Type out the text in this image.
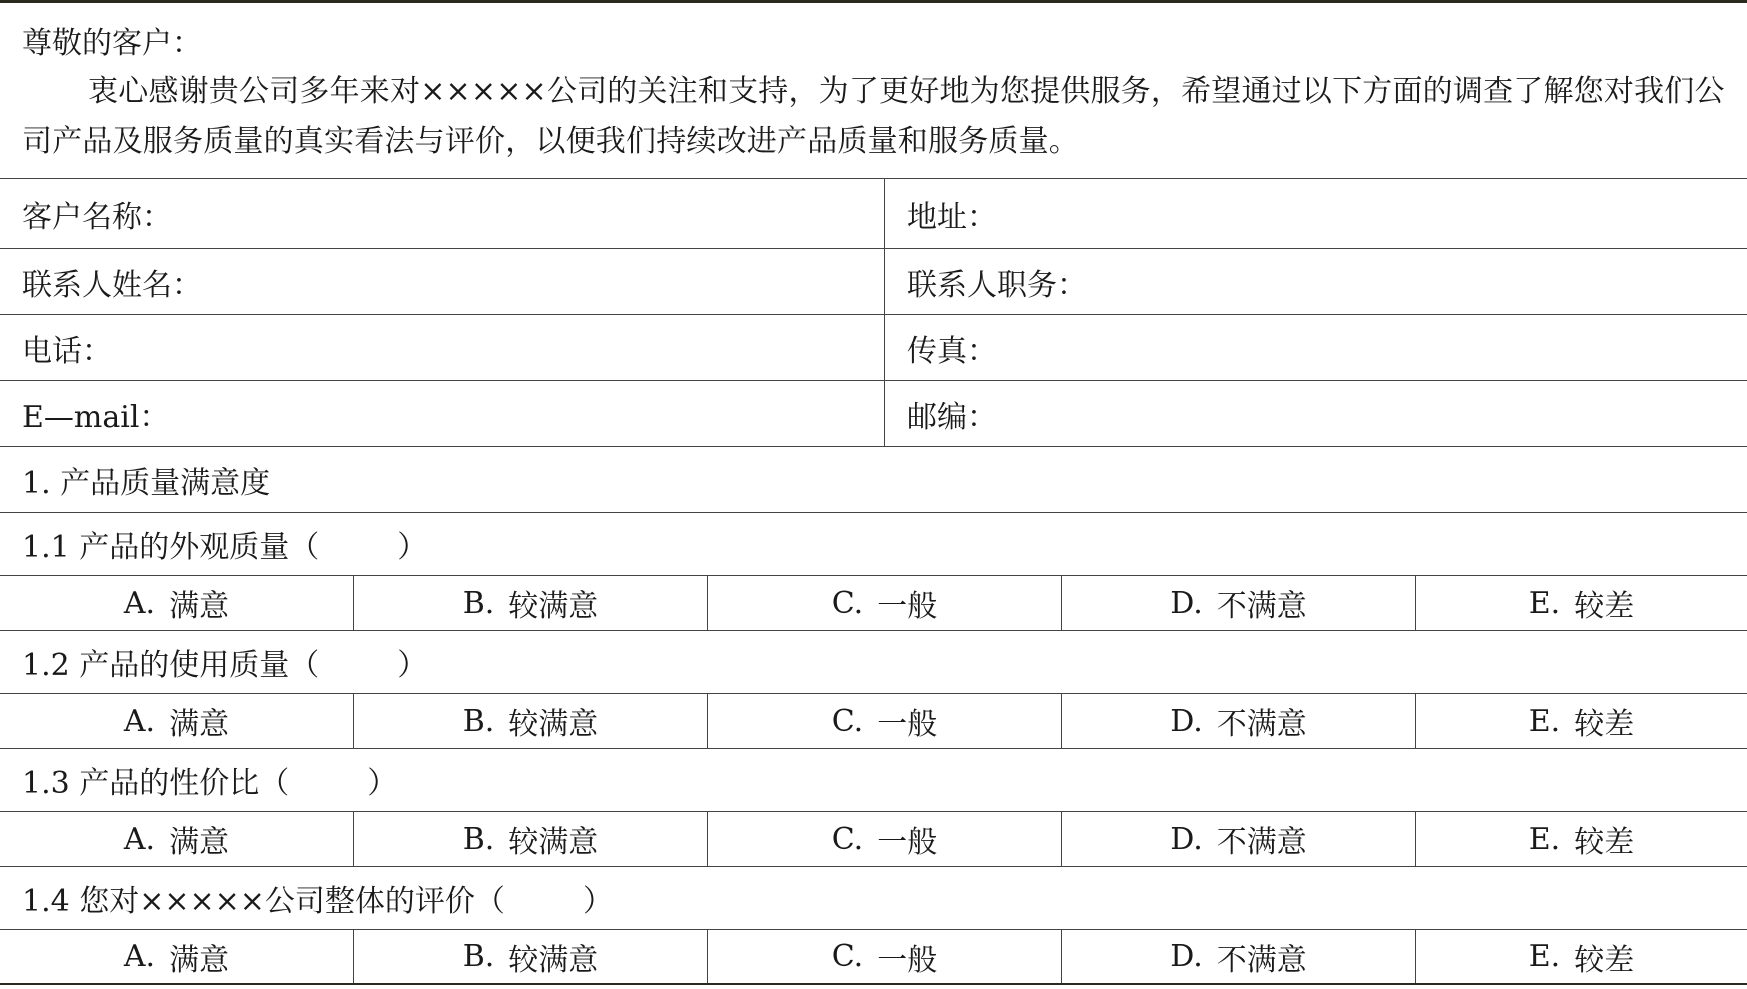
尊敬的客户：
衷心感谢贵公司多年来对×××××公司的关注和支持，为了更好地为您提供服务，希望通过以下方面的调查了解您对我们公司产品及服务质量的真实看法与评价，以便我们持续改进产品质量和服务质量。
客户名称：	地址：
联系人姓名：	联系人职务：
电话：	传真：
E—mail：	邮编：
1. 产品质量满意度
1.1 产品的外观质量（	）
A. 满意	B. 较满意	C. 一般	D. 不满意	E. 较差
1.2 产品的使用质量（	）
A. 满意	B. 较满意	C. 一般	D. 不满意	E. 较差
1.3 产品的性价比（	）
A. 满意	B. 较满意	C. 一般	D. 不满意	E. 较差
1.4 您对×××××公司整体的评价（	）
A. 满意	B. 较满意	C. 一般	D. 不满意	E. 较差
